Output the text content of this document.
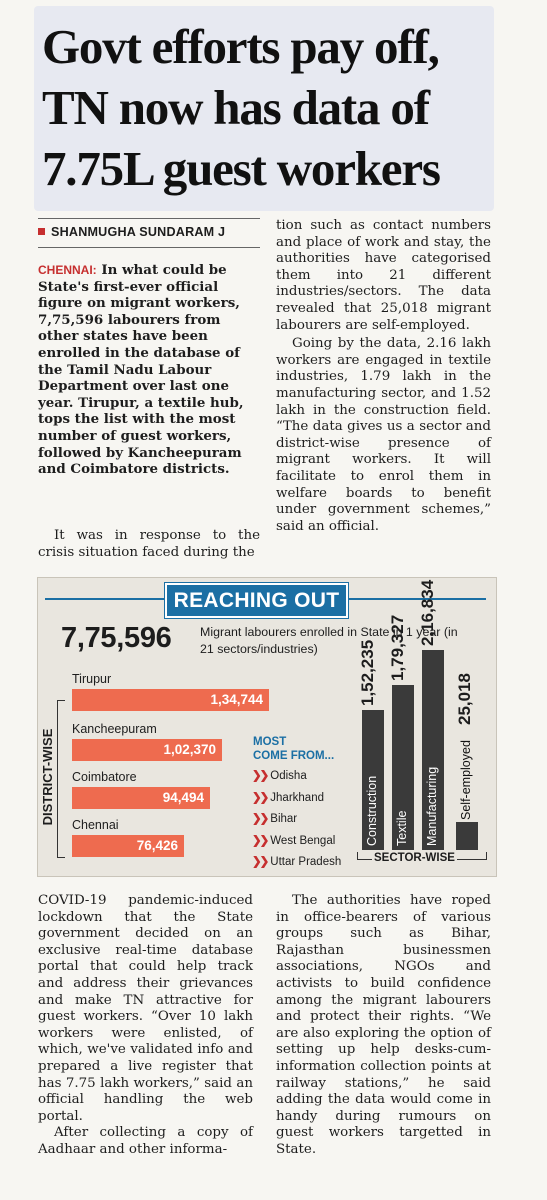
Govt efforts pay off,
TN now has data of
7.75L guest workers
SHANMUGHA SUNDARAM J
CHENNAI: In what could be State's first-ever official figure on migrant workers, 7,75,596 labourers from other states have been enrolled in the database of the Tamil Nadu Labour Department over last one year. Tirupur, a textile hub, tops the list with the most number of guest workers, followed by Kancheepuram and Coimbatore districts.

It was in response to the crisis situation faced during the

tion such as contact numbers and place of work and stay, the authorities have categorised them into 21 different industries/sectors. The data revealed that 25,018 migrant labourers are self-employed.

Going by the data, 2.16 lakh workers are engaged in textile industries, 1.79 lakh in the manufacturing sector, and 1.52 lakh in the construction field. “The data gives us a sector and district-wise presence of migrant workers. It will facilitate to enrol them in welfare boards to benefit under government schemes,” said an official.

REACHING OUT
7,75,596 Migrant labourers enrolled in State in 1 year (in 21 sectors/industries)
Tirupur
1,34,744
Kancheepuram
1,02,370
Coimbatore
94,494
Chennai
76,426
DISTRICT-WISE	MOST
COME FROM...
❯❯ Odisha
❯❯ Jharkhand
❯❯ Bihar
❯❯ West Bengal
❯❯ Uttar Pradesh
Construction
1,52,235
Textile
1,79,327
Manufacturing
2,16,834
Self-employed
25,018
SECTOR-WISE

COVID-19 pandemic-induced lockdown that the State government decided on an exclusive real-time database portal that could help track and address their grievances and make TN attractive for guest workers. “Over 10 lakh workers were enlisted, of which, we've validated info and prepared a live register that has 7.75 lakh workers,” said an official handling the web portal.

After collecting a copy of Aadhaar and other informa-

The authorities have roped in office-bearers of various groups such as Bihar, Rajasthan businessmen associations, NGOs and activists to build confidence among the migrant labourers and protect their rights. “We are also exploring the option of setting up help desks-cum-information collection points at railway stations,” he said adding the data would come in handy during rumours on guest workers targetted in State.
